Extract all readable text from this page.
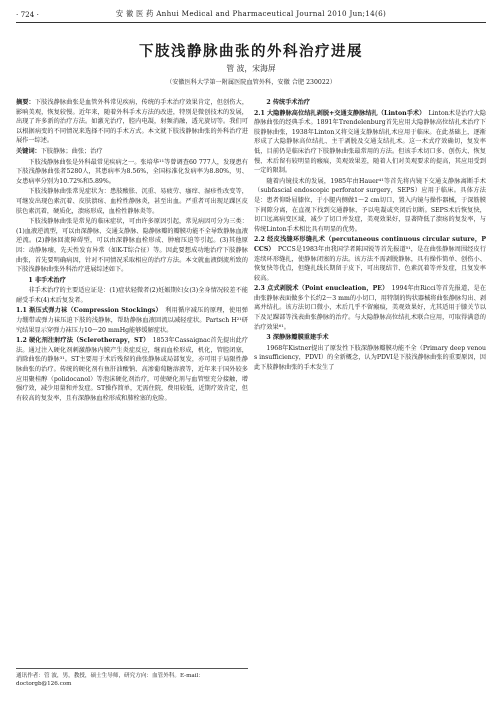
· 724 ·	安 徽 医 药 Anhui Medical and Pharmaceutical Journal 2010 Jun;14(6)
下肢浅静脉曲张的外科治疗进展
管 波，宋海屏
（安徽医科大学第一附属医院血管外科，安徽 合肥 230022）

摘要：下肢浅静脉曲张是血管外科常见疾病，传统的手术治疗效果肯定，但创伤大，影响美观，恢复较慢。近年来，随着外科手术方法的改进，特别是微创技术的发展，出现了许多新的治疗方法。如激光治疗，腔内电凝，射频消融，透光旋切等。我们可以根据病变的不同情况来选择不同的手术方式。本文就下肢浅静脉曲张的外科治疗进展作一综述。

关键词：下肢静脉；曲张；治疗

下肢浅静脉曲张是外科最常见疾病之一。张培华¹¹等曾调查60 777人，发现患有下肢浅静脉曲张者5280人，其患病率为8.56%，全国标准化发病率为8.80%，男、女患病率分别为10.72%和5.89%。

下肢浅静脉曲张常见症状为：患肢酸胀、沉重、易疲劳、瘙痒、湿疹性改变等，可继发出现色素沉着、皮肤溃疡、血栓性静脉炎，甚至出血。严重者可出现足踝区皮肤色素沉着，硬质化，溃疡形成，血栓性静脉炎等。

下肢浅静脉曲张是常见的临床症状，可由许多原因引起，常见病因可分为三类：(1)血液逆流型，可以由深静脉、交通支静脉、隐静脉瓣的瓣膜功能不全导致静脉血液逆流。(2)静脉回流障碍型，可以由深静脉血栓形成、肿瘤压迫等引起。(3)其他原因：动静脉瘘，先天性发育异常（如K-T综合征）等。因此要想成功地治疗下肢静脉曲张，首先要明确病因，针对不同情况采取相应的治疗方法。本文就血液倒流所致的下肢浅静脉曲张外科治疗进展综述如下。

1 非手术治疗

非手术治疗的主要适应证是：(1)症状轻微者(2)妊娠期妇女(3)全身情况较差不能耐受手术(4)术后复发者。

1.1 渐压式弹力袜（Compression Stockings）　 利用循序减压的原理，使用弹力绷带或弹力袜压迫下肢的浅静脉，帮助静脉血液回流以减轻症状。Partsch H²¹研究结果显示穿弹力袜压力10～20 mmHg能够缓解症状。

1.2 硬化剂注射疗法（Sclerotherapy，ST）　 1853年Cassaignac首先提出此疗法。通过注入硬化剂刺激静脉内膜产生炎症反应，继而血栓形成，机化，管腔闭塞，消除曲张的静脉³¹。ST主要用于术后残留的曲张静脉或局部复发，亦可用于局限性静脉曲张的治疗。传统的硬化剂有鱼肝油酸钠、高渗葡萄糖溶液等，近年来于国外较多应用聚桂醇（polidocanol）等泡沫硬化剂治疗，可使硬化剂与血管壁充分接触，增强疗效，减少用量和并发症。ST操作简单，无需住院，费用较低，近期疗效肯定，但有较高的复发率，且有深静脉血栓形成和肺栓塞的危险。

2 传统手术治疗

2.1 大隐静脉高位结扎剥脱+交通支静脉结扎（Linton手术）　 Linton术是治疗大隐静脉曲张的经典手术。1891年Trendelenburg首先应用大隐静脉高位结扎术治疗下肢静脉曲张，1938年Linton又将交通支静脉结扎术应用于临床。在此基础上，逐渐形成了大隐静脉高位结扎、主干剥脱及交通支结扎术。这一术式疗效确切，复发率低，目前仍是临床治疗下肢静脉曲张最常用的方法。但该手术切口多、创伤大、恢复慢、术后留有较明显的瘢痕，美观效果差，随着人们对美观要求的提高，其应用受到一定的限制。

随着内镜技术的发展，1985年由Hauer⁴¹等首先将内镜下交通支静脉离断手术（subfascial endoscopic perforator surgery，SEPS）应用于临床。具体方法是：患者仰卧屈膝位，于小腿内侧做1～2 cm切口，置入内镜与操作器械，于深筋膜下间隙分离，在直视下找到交通静脉，予以电凝或夹闭后切断。SEPS术后恢复快，切口远离病变区域，减少了切口并发症，美观效果好，显著降低了溃疡的复发率，与传统Linton手术相比具有明显的优势。

2.2 经皮浅缝环形缝扎术（percutaneous continuous circular suture，PCCS）　 PCCS是1983年由我国学者陈国锐等首先报道⁵¹，是在曲张静脉周围经皮行连续环形缝扎，使静脉闭塞的方法。该方法不需剥脱静脉，具有操作简单、创伤小、恢复快等优点，但缝扎线长期留于皮下，可出现结节、色素沉着等并发症，且复发率较高。

2.3 点式剥脱术（Point enucleation，PE）　 1994年由Ricci等首先报道，是在曲张静脉表面做多个长约2～3 mm的小切口，用特制的钩状器械将曲张静脉勾出、剥离并结扎。该方法切口微小，术后几乎不留瘢痕，美观效果好，尤其适用于膝关节以下及足踝部等浅表曲张静脉的治疗。与大隐静脉高位结扎术联合应用，可取得满意的治疗效果⁶¹。

3 深静脉瓣膜重建手术

1968年Kistner提出了原发性下肢深静脉瓣膜功能不全（Primary deep venous insufficiency，PDVI）的全新概念，认为PDVI是下肢浅静脉曲张的重要原因，因此下肢静脉曲张的手术发生了

通讯作者：管 波，男，教授，硕士生导师，研究方向：血管外科。E-mail：doctorgb@126.com
